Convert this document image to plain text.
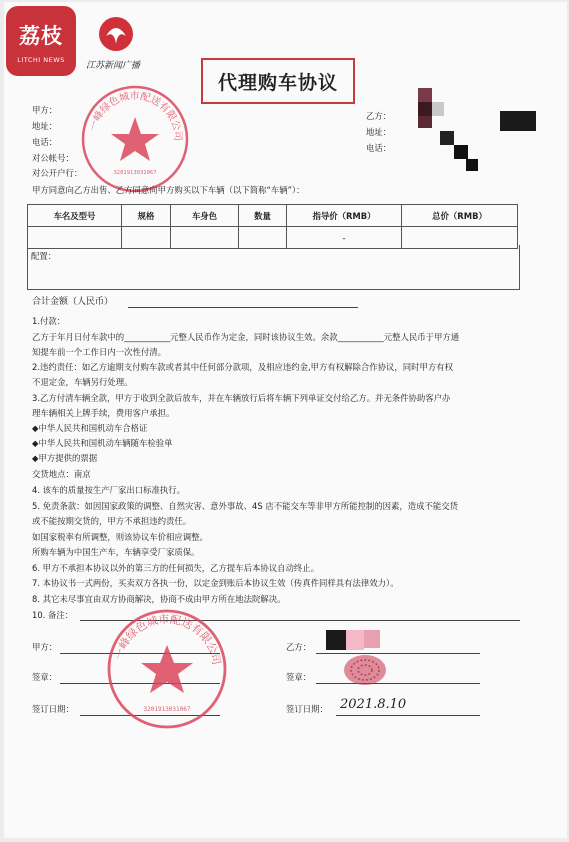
荔枝
LITCHI NEWS
江苏新闻广播
代理购车协议
甲方：
地址：
电话：
对公帐号：
对公开户行：
乙方：
地址：
电话：
一峰绿色城市配送有限公司
3201913031067
甲方同意向乙方出售、乙方同意向甲方购买以下车辆（以下简称“车辆”）：
车名及型号	规格	车身色	数量	指导价（RMB）	总价（RMB）
				-	
配置：
合计金额（人民币）
1.付款：
乙方于年月日付车款中的___________元整人民币作为定金，同时该协议生效。余款___________元整人民币于甲方通
知提车前一个工作日内一次性付清。
2.违约责任：如乙方逾期支付购车款或者其中任何部分款项，及相应违约金,甲方有权解除合作协议，同时甲方有权
不退定金，车辆另行处理。
3.乙方付清车辆全款，甲方于收到全款后放车，并在车辆放行后将车辆下列单证交付给乙方。并无条件协助客户办
理车辆相关上牌手续，费用客户承担。
◆中华人民共和国机动车合格证
◆中华人民共和国机动车辆随车检验单
◆甲方提供的票据
交货地点：南京
4. 该车的质量按生产厂家出口标准执行。
5. 免责条款：如因国家政策的调整、自然灾害、意外事故、4S 店不能交车等非甲方所能控制的因素，造成不能交货
或不能按期交货的，甲方不承担违约责任。
如国家税率有所调整，则该协议车价相应调整。
所购车辆为中国生产车，车辆享受厂家质保。
6. 甲方不承担本协议以外的第三方的任何损失，乙方提车后本协议自动终止。
7. 本协议书一式两份，买卖双方各执一份，以定金到账后本协议生效（传真件同样具有法律效力）。
8. 其它未尽事宜由双方协商解决，协商不成由甲方所在地法院解决。
10. 备注：
甲方：	乙方：
签章：	签章：
签订日期：	签订日期： 2021.8.10
一峰绿色城市配送有限公司
3201913031067
